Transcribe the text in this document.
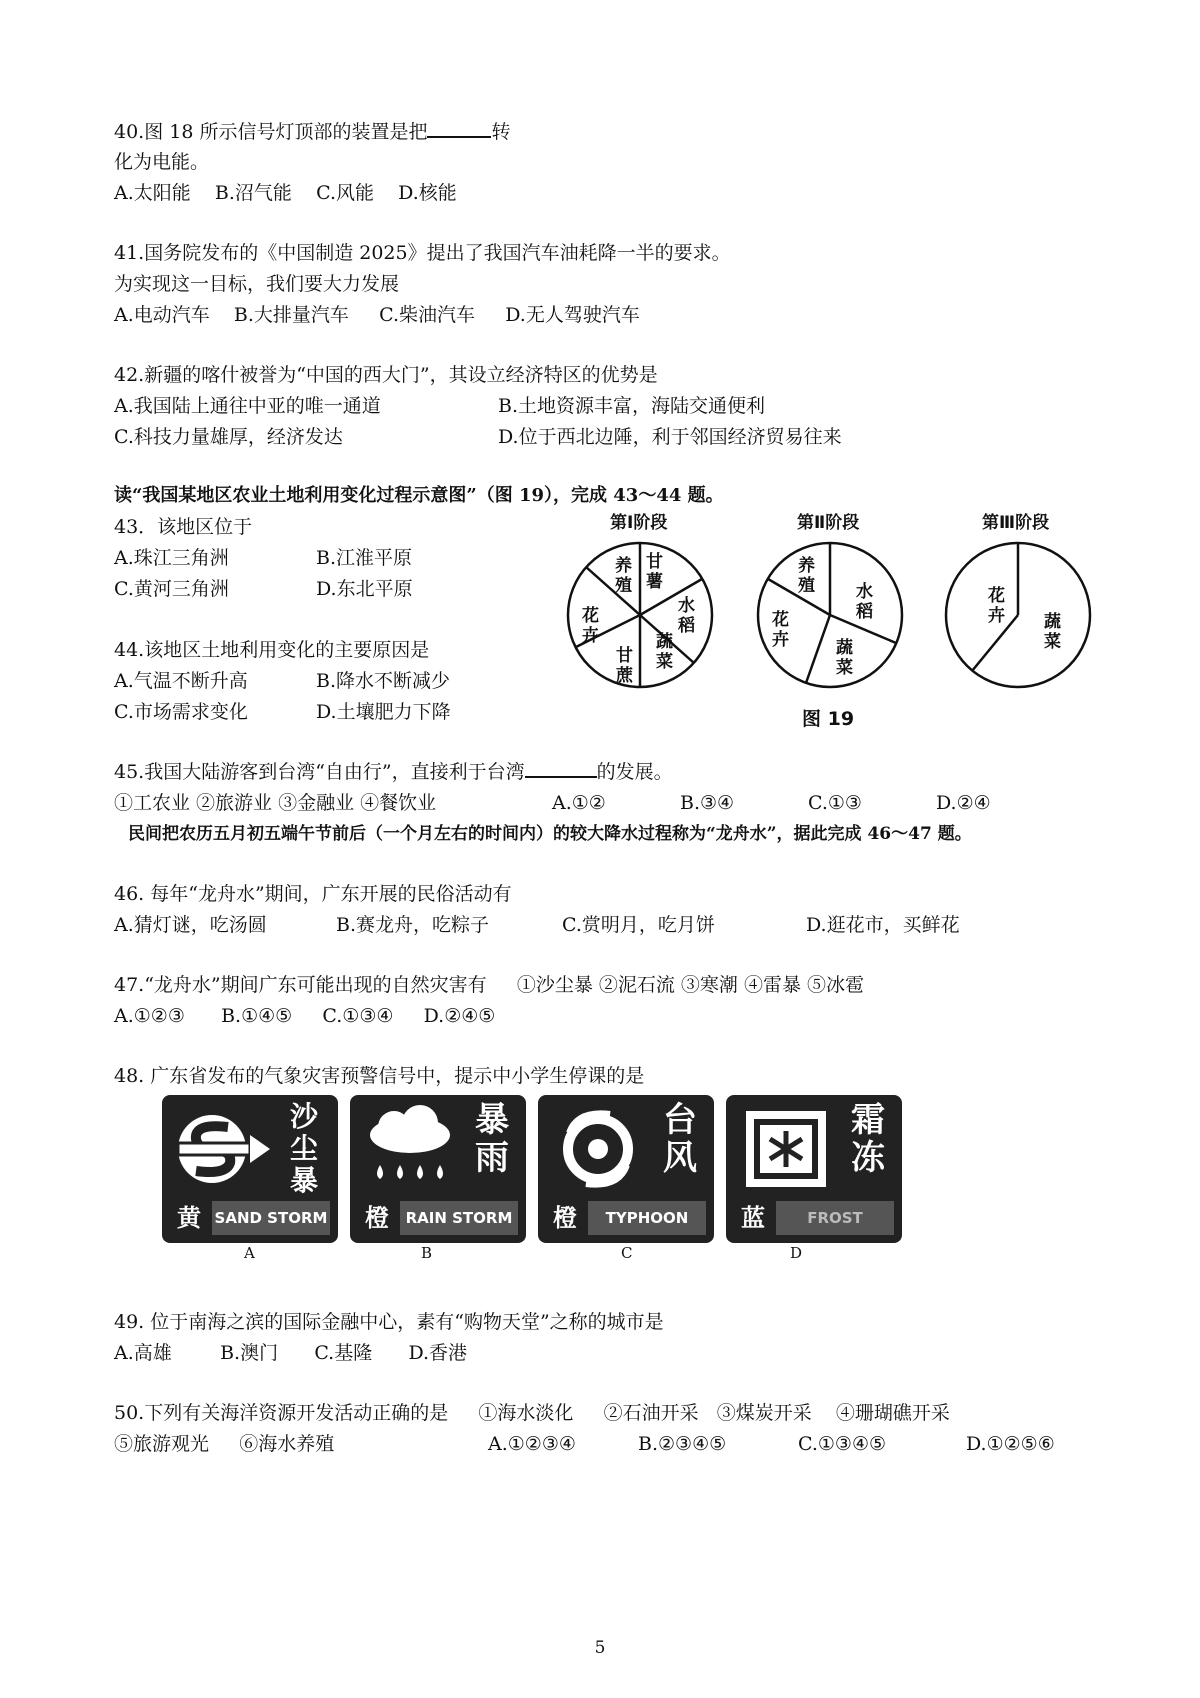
40.图 18 所示信号灯顶部的装置是把	转
化为电能。
A.太阳能    B.沼气能    C.风能    D.核能
41.国务院发布的《中国制造 2025》提出了我国汽车油耗降一半的要求。
为实现这一目标，我们要大力发展
A.电动汽车    B.大排量汽车     C.柴油汽车     D.无人驾驶汽车
42.新疆的喀什被誉为“中国的西大门”，其设立经济特区的优势是
A.我国陆上通往中亚的唯一通道	B.土地资源丰富，海陆交通便利
C.科技力量雄厚，经济发达	D.位于西北边陲，利于邻国经济贸易往来
读“我国某地区农业土地利用变化过程示意图”（图 19），完成 43～44 题。
43．该地区位于
A.珠江三角洲	B.江淮平原
C.黄河三角洲	D.东北平原
44.该地区土地利用变化的主要原因是
A.气温不断升高	B.降水不断减少
C.市场需求变化	D.土壤肥力下降
第Ⅰ阶段	第Ⅱ阶段	第Ⅲ阶段
养
殖
甘
薯
水
稻
蔬
菜
甘
蔗
花
卉
养
殖 水
稻
蔬
菜
花
卉
花
卉 蔬
菜
图 19
45.我国大陆游客到台湾“自由行”，直接利于台湾	的发展。
①工农业 ②旅游业 ③金融业 ④餐饮业	A.①②	B.③④	C.①③	D.②④
民间把农历五月初五端午节前后（一个月左右的时间内）的较大降水过程称为“龙舟水”，据此完成 46～47 题。
46. 每年“龙舟水”期间，广东开展的民俗活动有
A.猜灯谜，吃汤圆	B.赛龙舟，吃粽子	C.赏明月，吃月饼	D.逛花市，买鲜花
47.“龙舟水”期间广东可能出现的自然灾害有     ①沙尘暴 ②泥石流 ③寒潮 ④雷暴 ⑤冰雹
A.①②③      B.①④⑤     C.①③④     D.②④⑤
48. 广东省发布的气象灾害预警信号中，提示中小学生停课的是
沙
尘
暴
黄 SAND STORM
A
暴
雨
橙	RAIN STORM
B
台
风
橙	TYPHOON
C
霜
冻
蓝	FROST
D
49. 位于南海之滨的国际金融中心，素有“购物天堂”之称的城市是
A.高雄        B.澳门      C.基隆      D.香港
50.下列有关海洋资源开发活动正确的是     ①海水淡化     ②石油开采   ③煤炭开采    ④珊瑚礁开采
⑤旅游观光     ⑥海水养殖	A.①②③④	B.②③④⑤	C.①③④⑤	D.①②⑤⑥
5
